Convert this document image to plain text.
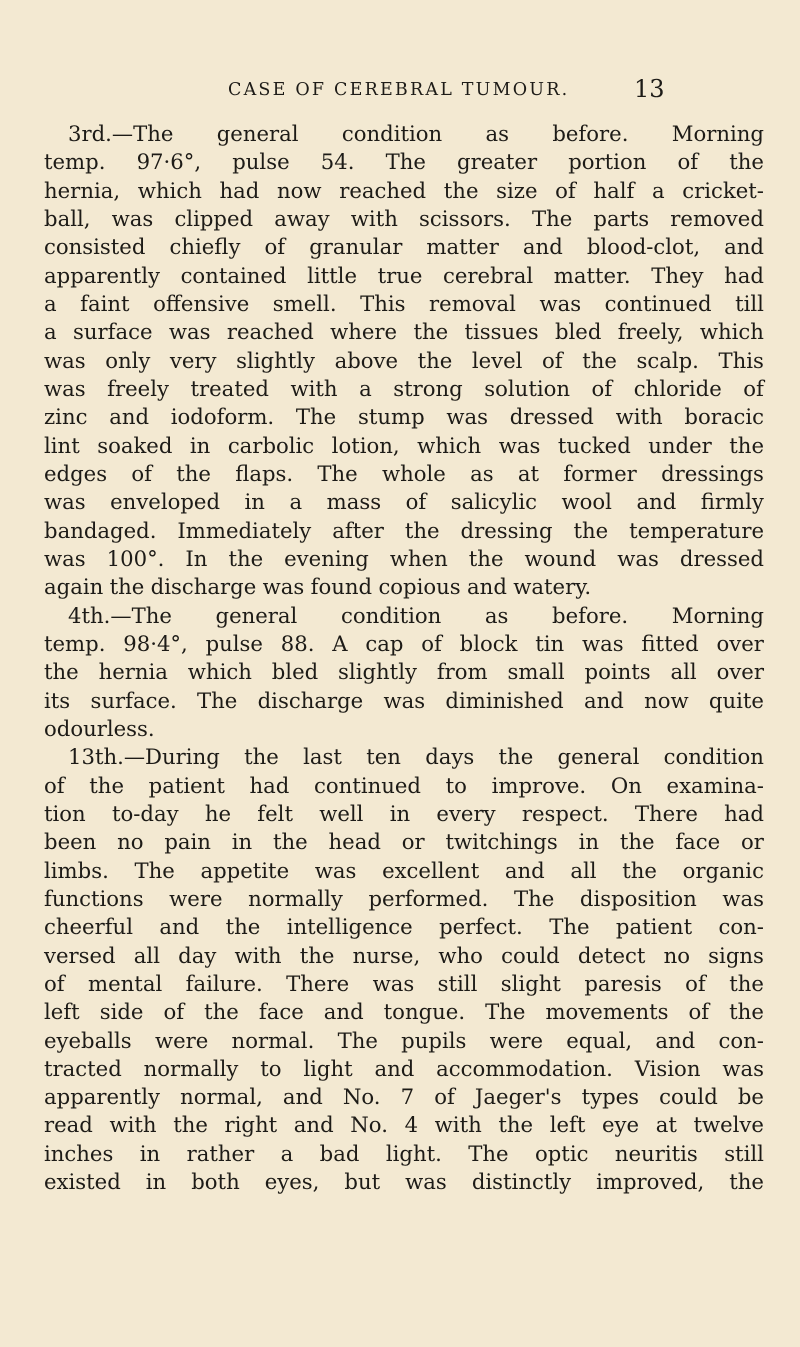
CASE OF CEREBRAL TUMOUR.	13
3rd.—The general condition as before. Morning
temp. 97·6°, pulse 54. The greater portion of the
hernia, which had now reached the size of half a cricket-
ball, was clipped away with scissors. The parts removed
consisted chiefly of granular matter and blood-clot, and
apparently contained little true cerebral matter. They had
a faint offensive smell. This removal was continued till
a surface was reached where the tissues bled freely, which
was only very slightly above the level of the scalp. This
was freely treated with a strong solution of chloride of
zinc and iodoform. The stump was dressed with boracic
lint soaked in carbolic lotion, which was tucked under the
edges of the flaps. The whole as at former dressings
was enveloped in a mass of salicylic wool and firmly
bandaged. Immediately after the dressing the temperature
was 100°. In the evening when the wound was dressed
again the discharge was found copious and watery.
4th.—The general condition as before. Morning
temp. 98·4°, pulse 88. A cap of block tin was fitted over
the hernia which bled slightly from small points all over
its surface. The discharge was diminished and now quite
odourless.
13th.—During the last ten days the general condition
of the patient had continued to improve. On examina-
tion to-day he felt well in every respect. There had
been no pain in the head or twitchings in the face or
limbs. The appetite was excellent and all the organic
functions were normally performed. The disposition was
cheerful and the intelligence perfect. The patient con-
versed all day with the nurse, who could detect no signs
of mental failure. There was still slight paresis of the
left side of the face and tongue. The movements of the
eyeballs were normal. The pupils were equal, and con-
tracted normally to light and accommodation. Vision was
apparently normal, and No. 7 of Jaeger's types could be
read with the right and No. 4 with the left eye at twelve
inches in rather a bad light. The optic neuritis still
existed in both eyes, but was distinctly improved, the
